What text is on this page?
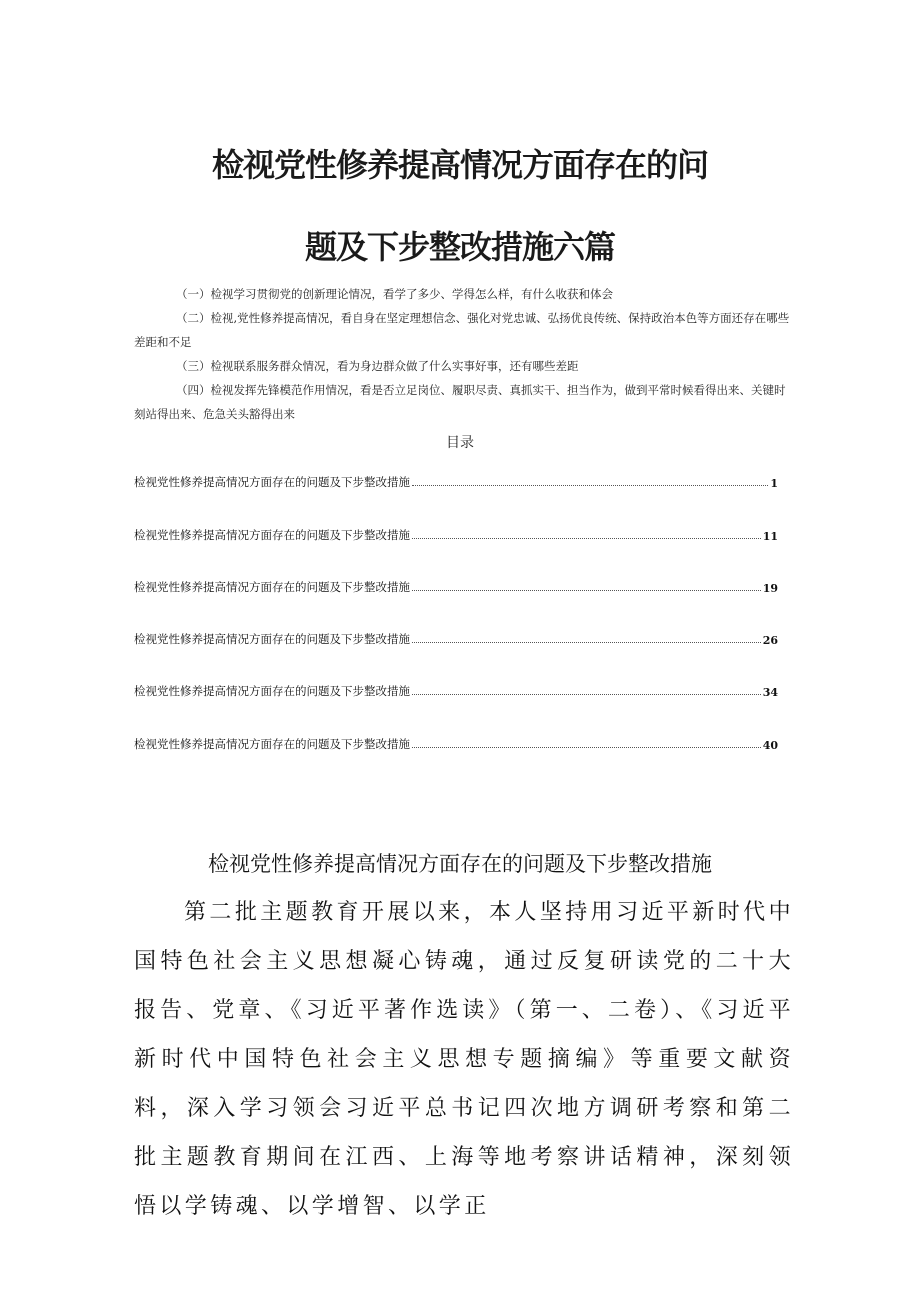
检视党性修养提高情况方面存在的问
题及下步整改措施六篇
（一）检视学习贯彻党的创新理论情况，看学了多少、学得怎么样，有什么收获和体会
（二）检视,党性修养提高情况，看自身在坚定理想信念、强化对党忠诚、弘扬优良传统、保持政治本色等方面还存在哪些差距和不足
（三）检视联系服务群众情况，看为身边群众做了什么实事好事，还有哪些差距
（四）检视发挥先锋模范作用情况，看是否立足岗位、履职尽责、真抓实干、担当作为，做到平常时候看得出来、关键时刻站得出来、危急关头豁得出来
目录
检视党性修养提高情况方面存在的问题及下步整改措施	1
检视党性修养提高情况方面存在的问题及下步整改措施	11
检视党性修养提高情况方面存在的问题及下步整改措施	19
检视党性修养提高情况方面存在的问题及下步整改措施	26
检视党性修养提高情况方面存在的问题及下步整改措施	34
检视党性修养提高情况方面存在的问题及下步整改措施	40
检视党性修养提高情况方面存在的问题及下步整改措施

第二批主题教育开展以来，本人坚持用习近平新时代中国特色社会主义思想凝心铸魂，通过反复研读党的二十大报告、党章、《习近平著作选读》（第一、二卷）、《习近平新时代中国特色社会主义思想专题摘编》等重要文献资料，深入学习领会习近平总书记四次地方调研考察和第二批主题教育期间在江西、上海等地考察讲话精神，深刻领悟以学铸魂、以学增智、以学正
